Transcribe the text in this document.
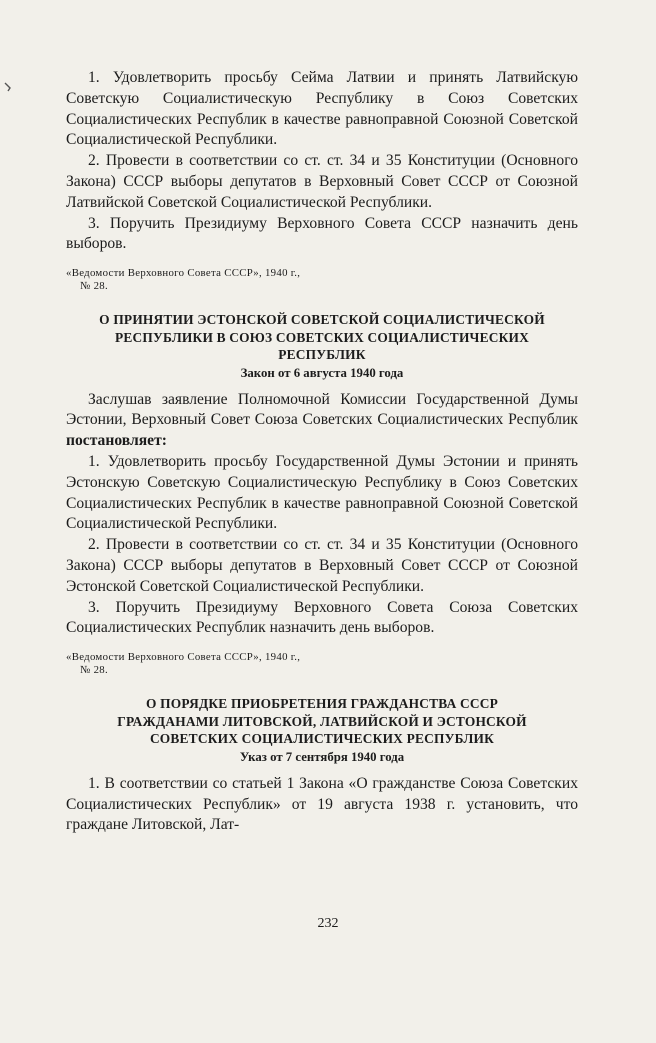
1. Удовлетворить просьбу Сейма Латвии и принять Латвийскую Советскую Социалистическую Республику в Союз Советских Социалистических Республик в качестве равноправной Союзной Советской Социалистической Республики.

2. Провести в соответствии со ст. ст. 34 и 35 Конституции (Основного Закона) СССР выборы депутатов в Верховный Совет СССР от Союзной Латвийской Советской Социалистической Республики.

3. Поручить Президиуму Верховного Совета СССР назначить день выборов.

«Ведомости Верховного Совета СССР», 1940 г.,

№ 28.

О ПРИНЯТИИ ЭСТОНСКОЙ СОВЕТСКОЙ СОЦИАЛИСТИЧЕСКОЙ
РЕСПУБЛИКИ В СОЮЗ СОВЕТСКИХ СОЦИАЛИСТИЧЕСКИХ
РЕСПУБЛИК

Закон от 6 августа 1940 года

Заслушав заявление Полномочной Комиссии Государственной Думы Эстонии, Верховный Совет Союза Советских Социалистических Республик постановляет:

1. Удовлетворить просьбу Государственной Думы Эстонии и принять Эстонскую Советскую Социалистическую Республику в Союз Советских Социалистических Республик в качестве равноправной Союзной Советской Социалистической Республики.

2. Провести в соответствии со ст. ст. 34 и 35 Конституции (Основного Закона) СССР выборы депутатов в Верховный Совет СССР от Союзной Эстонской Советской Социалистической Республики.

3. Поручить Президиуму Верховного Совета Союза Советских Социалистических Республик назначить день выборов.

«Ведомости Верховного Совета СССР», 1940 г.,

№ 28.

О ПОРЯДКЕ ПРИОБРЕТЕНИЯ ГРАЖДАНСТВА СССР
ГРАЖДАНАМИ ЛИТОВСКОЙ, ЛАТВИЙСКОЙ И ЭСТОНСКОЙ
СОВЕТСКИХ СОЦИАЛИСТИЧЕСКИХ РЕСПУБЛИК

Указ от 7 сентября 1940 года

1. В соответствии со статьей 1 Закона «О гражданстве Союза Советских Социалистических Республик» от 19 августа 1938 г. установить, что граждане Литовской, Лат-

232
